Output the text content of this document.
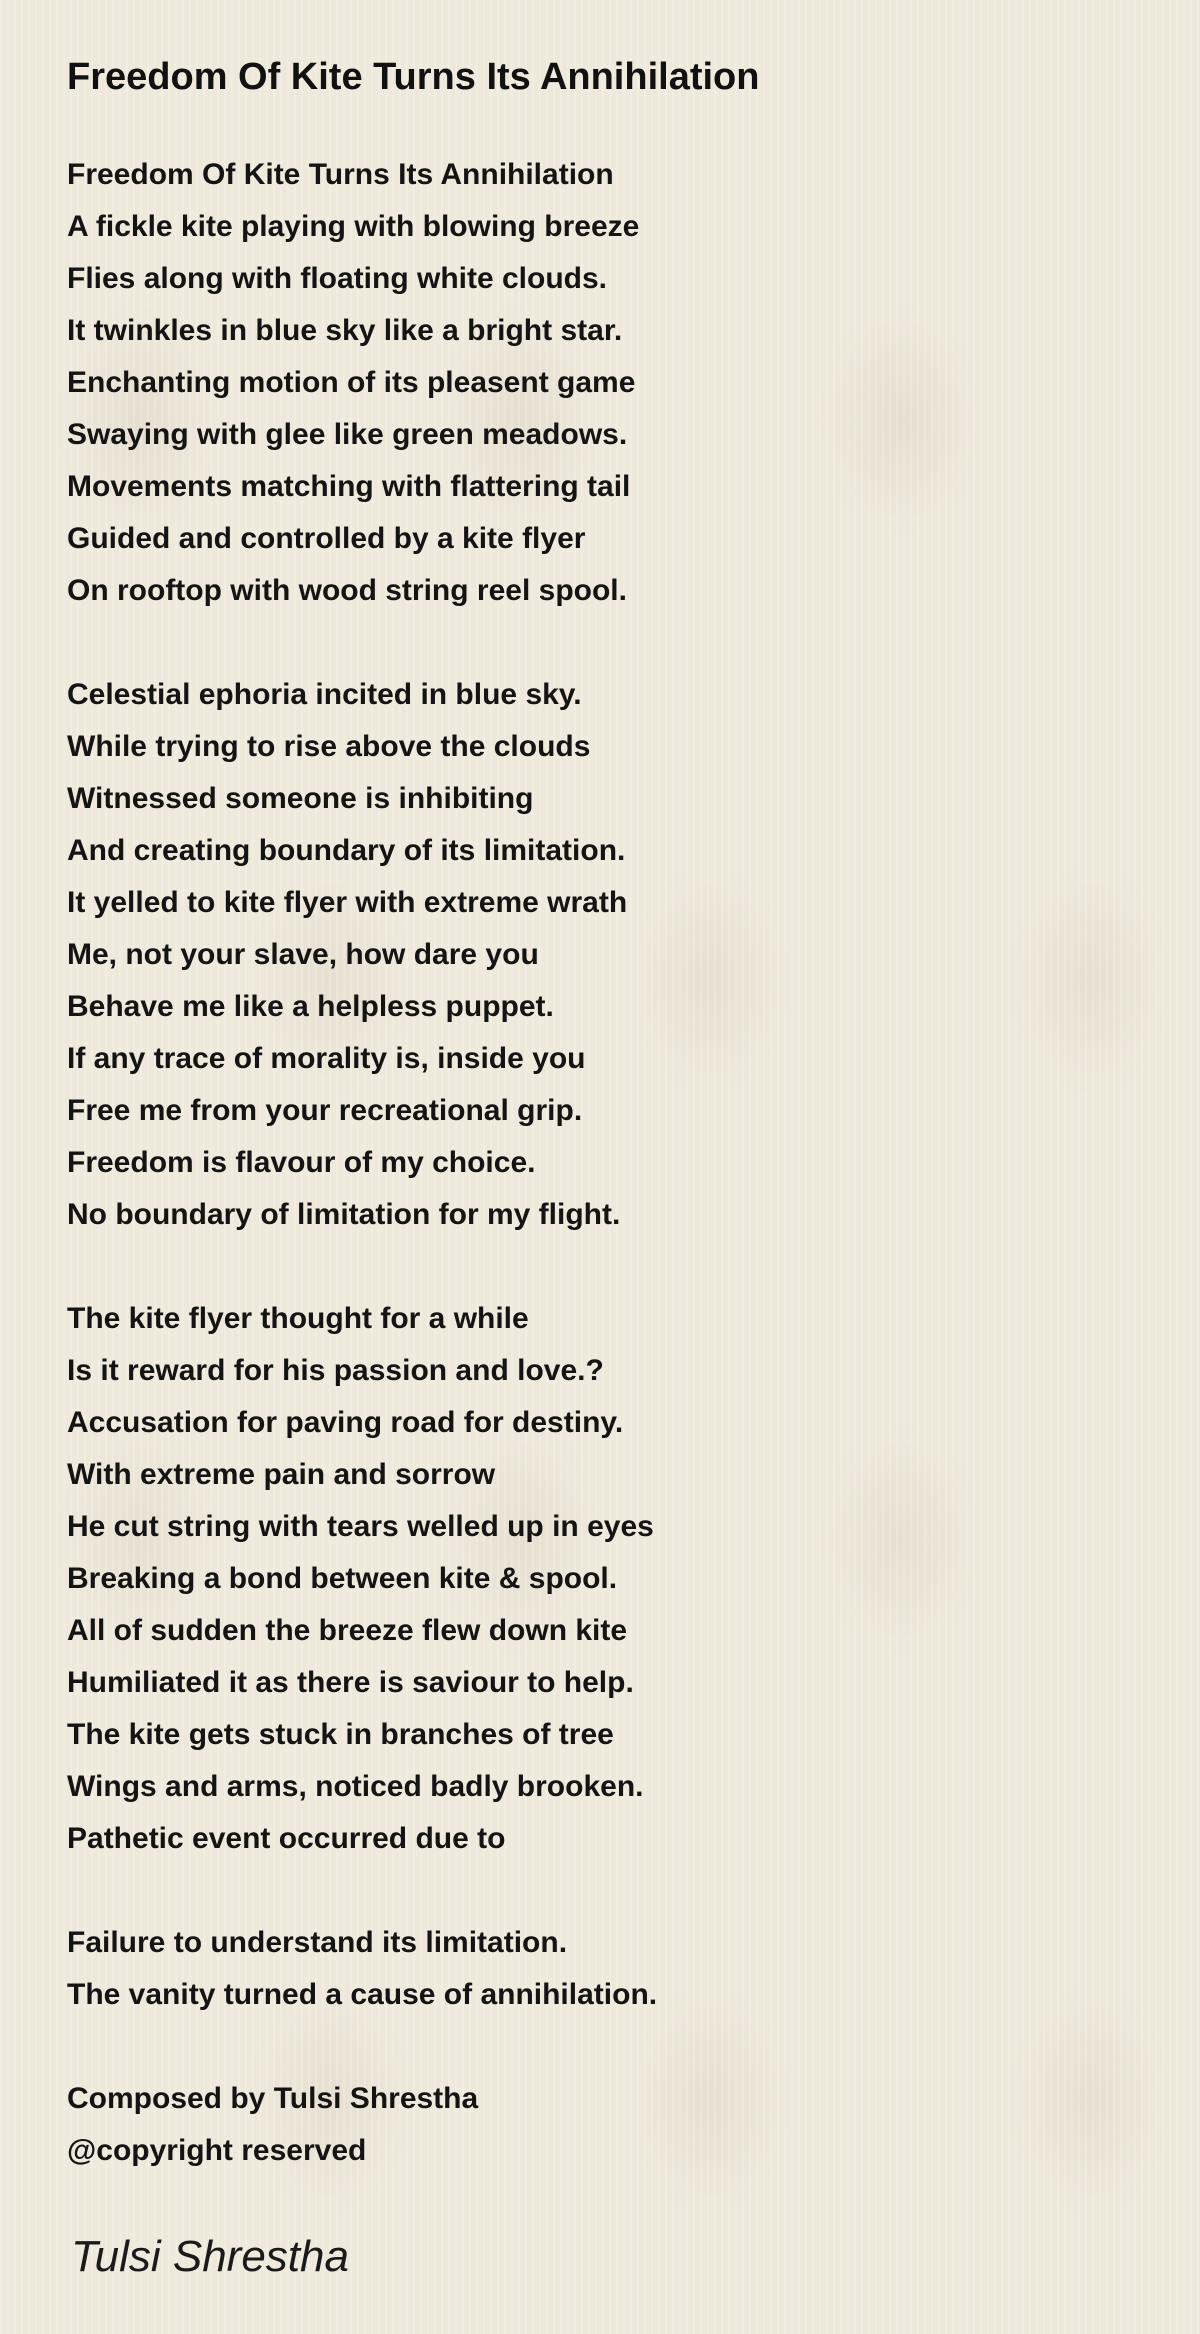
Freedom Of Kite Turns Its Annihilation
Freedom Of Kite Turns Its Annihilation
A fickle kite playing with blowing breeze
Flies along with floating white clouds.
It twinkles in blue sky like a bright star.
Enchanting motion of its pleasent game
Swaying with glee like green meadows.
Movements matching with flattering tail
Guided and controlled by a kite flyer
On rooftop with wood string reel spool.
Celestial ephoria incited in blue sky.
While trying to rise above the clouds
Witnessed someone is inhibiting
And creating boundary of its limitation.
It yelled to kite flyer with extreme wrath
Me, not your slave, how dare you
Behave me like a helpless puppet.
If any trace of morality is, inside you
Free me from your recreational grip.
Freedom is flavour of my choice.
No boundary of limitation for my flight.
The kite flyer thought for a while
Is it reward for his passion and love.?
Accusation for paving road for destiny.
With extreme pain and sorrow
He cut string with tears welled up in eyes
Breaking a bond between kite & spool.
All of sudden the breeze flew down kite
Humiliated it as there is saviour to help.
The kite gets stuck in branches of tree
Wings and arms, noticed badly brooken.
Pathetic event occurred due to
Failure to understand its limitation.
The vanity turned a cause of annihilation.
Composed by Tulsi Shrestha
@copyright reserved
Tulsi Shrestha
